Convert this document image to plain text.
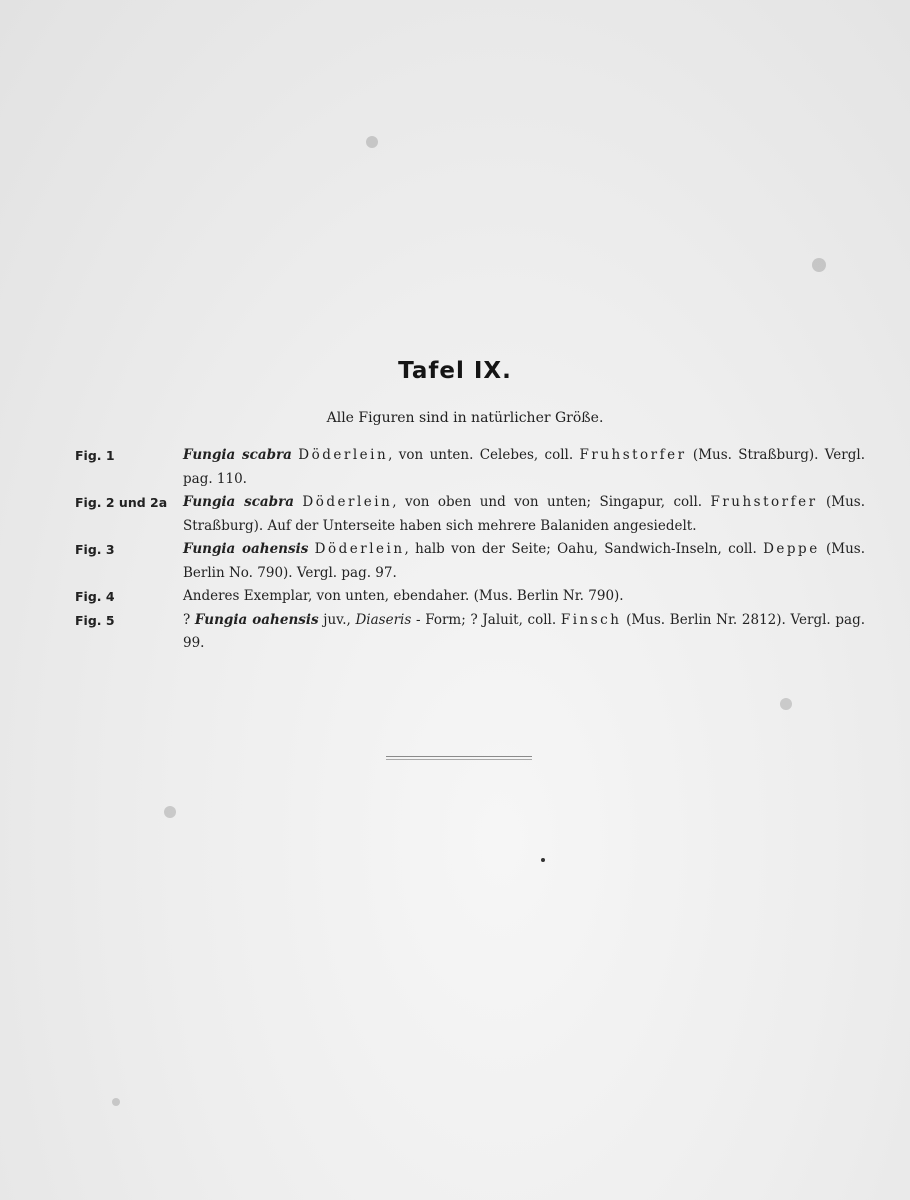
Tafel IX.
Alle Figuren sind in natürlicher Größe.
Fig. 1	Fungia scabra Döderlein, von unten. Celebes, coll. Fruhstorfer (Mus. Straßburg). Vergl. pag. 110.
Fig. 2 und 2a	Fungia scabra Döderlein, von oben und von unten; Singapur, coll. Fruhstorfer (Mus. Straßburg). Auf der Unterseite haben sich mehrere Balaniden angesiedelt.
Fig. 3	Fungia oahensis Döderlein, halb von der Seite; Oahu, Sandwich-Inseln, coll. Deppe (Mus. Berlin No. 790). Vergl. pag. 97.
Fig. 4	Anderes Exemplar, von unten, ebendaher. (Mus. Berlin Nr. 790).
Fig. 5	? Fungia oahensis juv., Diaseris - Form; ? Jaluit, coll. Finsch (Mus. Berlin Nr. 2812). Vergl. pag. 99.
